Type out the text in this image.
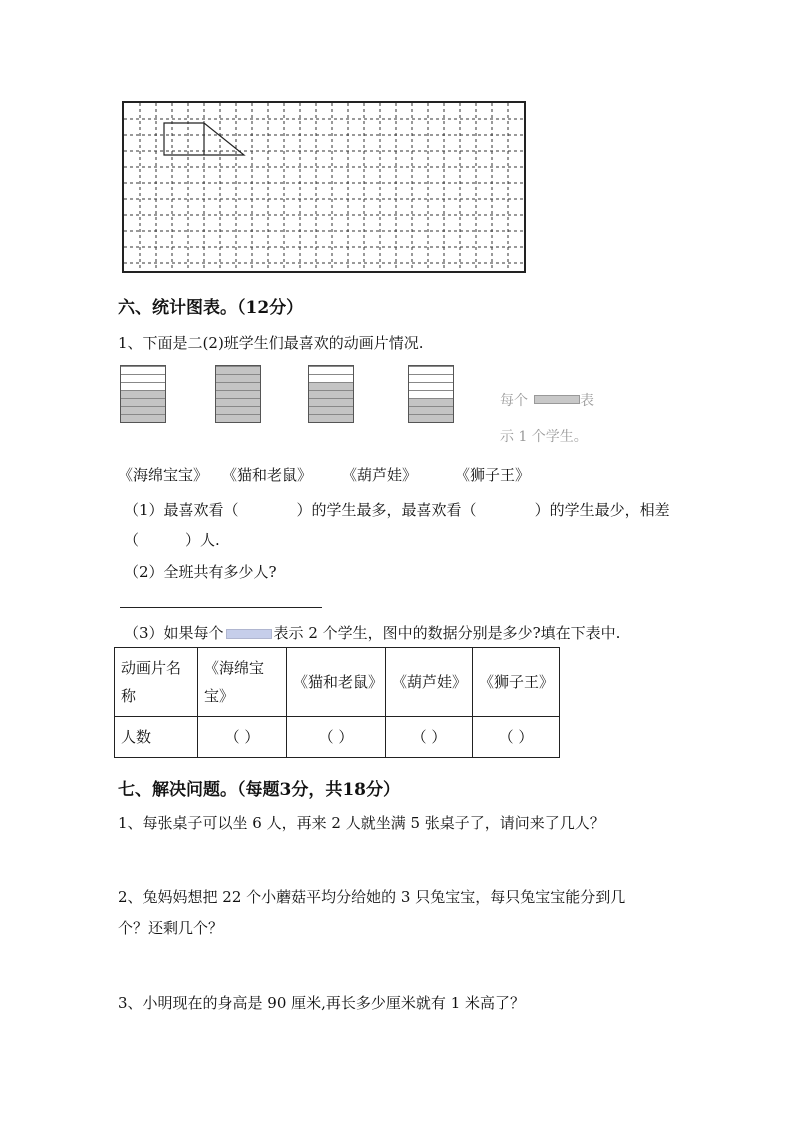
六、统计图表。（12分）
1、下面是二(2)班学生们最喜欢的动画片情况.
每个	表
示 1 个学生。
《海绵宝宝》 《猫和老鼠》 《葫芦娃》	《狮子王》
（1）最喜欢看（	）的学生最多，最喜欢看（	）的学生最少，相差
（	）人.
（2）全班共有多少人?
（3）如果每个	表示 2 个学生，图中的数据分别是多少?填在下表中.
动画片名称	《海绵宝宝》	《猫和老鼠》	《葫芦娃》	《狮子王》
人数	（ ）	（ ）	（ ）	（ ）
七、解决问题。（每题3分，共18分）
1、每张桌子可以坐 6 人，再来 2 人就坐满 5 张桌子了，请问来了几人？
2、兔妈妈想把 22 个小蘑菇平均分给她的 3 只兔宝宝，每只兔宝宝能分到几
个？还剩几个？
3、小明现在的身高是 90 厘米,再长多少厘米就有 1 米高了？
